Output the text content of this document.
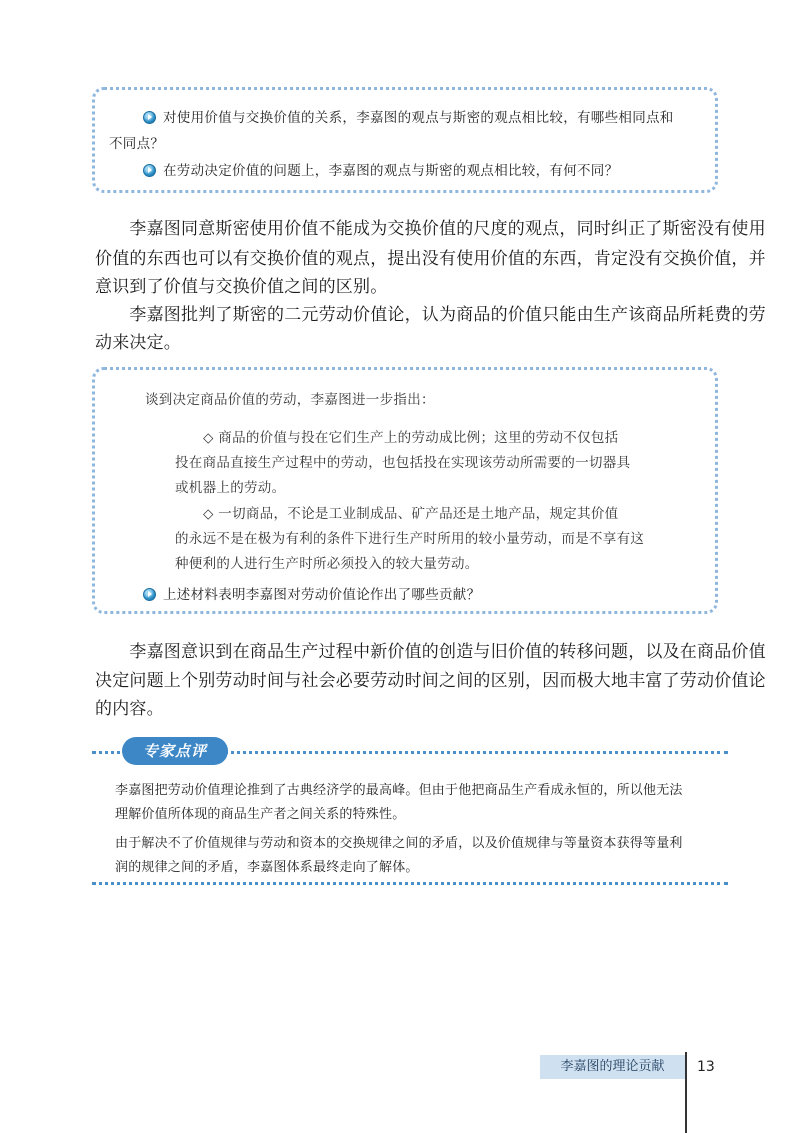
对使用价值与交换价值的关系，李嘉图的观点与斯密的观点相比较，有哪些相同点和
不同点？
在劳动决定价值的问题上，李嘉图的观点与斯密的观点相比较，有何不同？
　　李嘉图同意斯密使用价值不能成为交换价值的尺度的观点，同时纠正了斯密没有使用
价值的东西也可以有交换价值的观点，提出没有使用价值的东西，肯定没有交换价值，并
意识到了价值与交换价值之间的区别。
　　李嘉图批判了斯密的二元劳动价值论，认为商品的价值只能由生产该商品所耗费的劳
动来决定。
谈到决定商品价值的劳动，李嘉图进一步指出：
◇ 商品的价值与投在它们生产上的劳动成比例；这里的劳动不仅包括
投在商品直接生产过程中的劳动，也包括投在实现该劳动所需要的一切器具
或机器上的劳动。
◇ 一切商品，不论是工业制成品、矿产品还是土地产品，规定其价值
的永远不是在极为有利的条件下进行生产时所用的较小量劳动，而是不享有这
种便利的人进行生产时所必须投入的较大量劳动。
上述材料表明李嘉图对劳动价值论作出了哪些贡献？
　　李嘉图意识到在商品生产过程中新价值的创造与旧价值的转移问题，以及在商品价值
决定问题上个别劳动时间与社会必要劳动时间之间的区别，因而极大地丰富了劳动价值论
的内容。
专家点评
李嘉图把劳动价值理论推到了古典经济学的最高峰。但由于他把商品生产看成永恒的，所以他无法
理解价值所体现的商品生产者之间关系的特殊性。
由于解决不了价值规律与劳动和资本的交换规律之间的矛盾，以及价值规律与等量资本获得等量利
润的规律之间的矛盾，李嘉图体系最终走向了解体。
李嘉图的理论贡献	13
